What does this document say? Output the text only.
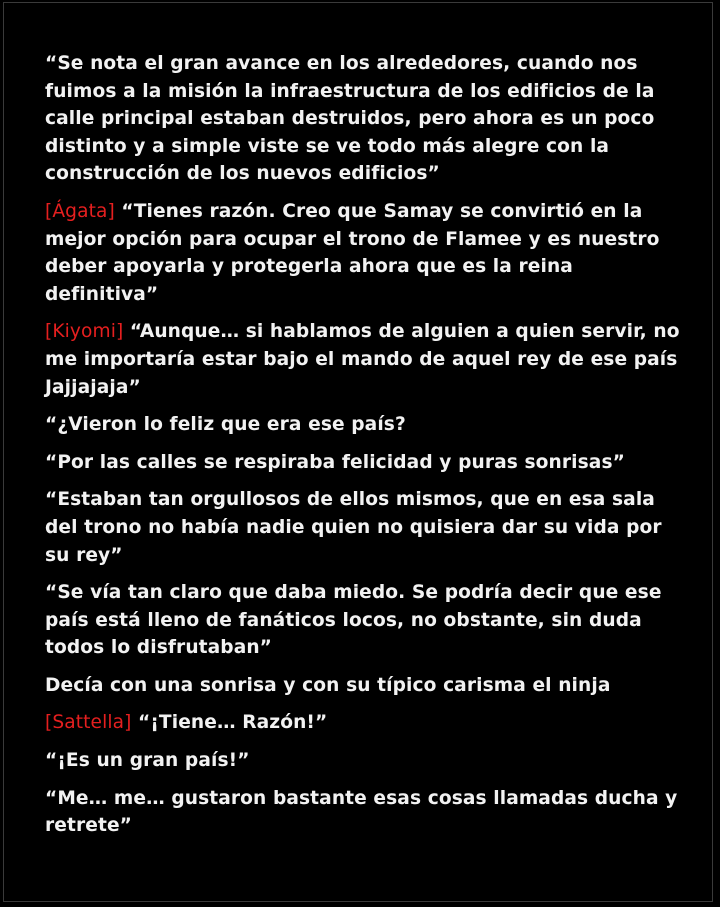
“Se nota el gran avance en los alrededores, cuando nos fuimos a la misión la infraestructura de los edificios de la calle principal estaban destruidos, pero ahora es un poco distinto y a simple viste se ve todo más alegre con la construcción de los nuevos edificios”

[Ágata] “Tienes razón. Creo que Samay se convirtió en la mejor opción para ocupar el trono de Flamee y es nuestro deber apoyarla y protegerla ahora que es la reina definitiva”

[Kiyomi] “Aunque… si hablamos de alguien a quien servir, no me importaría estar bajo el mando de aquel rey de ese país Jajjajaja”

“¿Vieron lo feliz que era ese país?

“Por las calles se respiraba felicidad y puras sonrisas”

“Estaban tan orgullosos de ellos mismos, que en esa sala del trono no había nadie quien no quisiera dar su vida por su rey”

“Se vía tan claro que daba miedo. Se podría decir que ese país está lleno de fanáticos locos, no obstante, sin duda todos lo disfrutaban”

Decía con una sonrisa y con su típico carisma el ninja

[Sattella] “¡Tiene… Razón!”

“¡Es un gran país!”

“Me… me… gustaron bastante esas cosas llamadas ducha y retrete”
